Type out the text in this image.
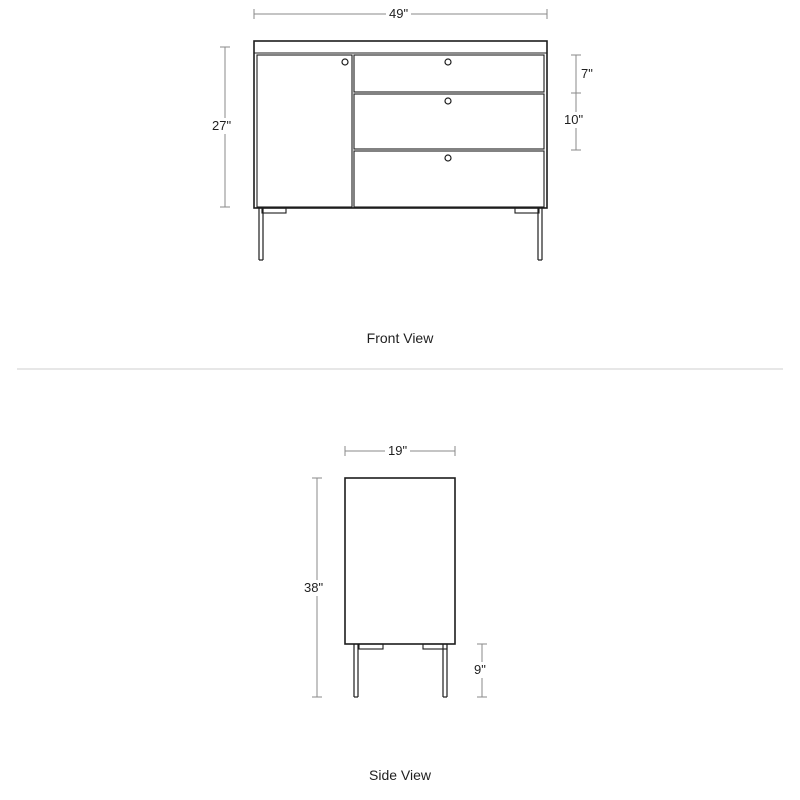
49"
27"
7"
10"
Front View
19"
38"
9"
Side View
